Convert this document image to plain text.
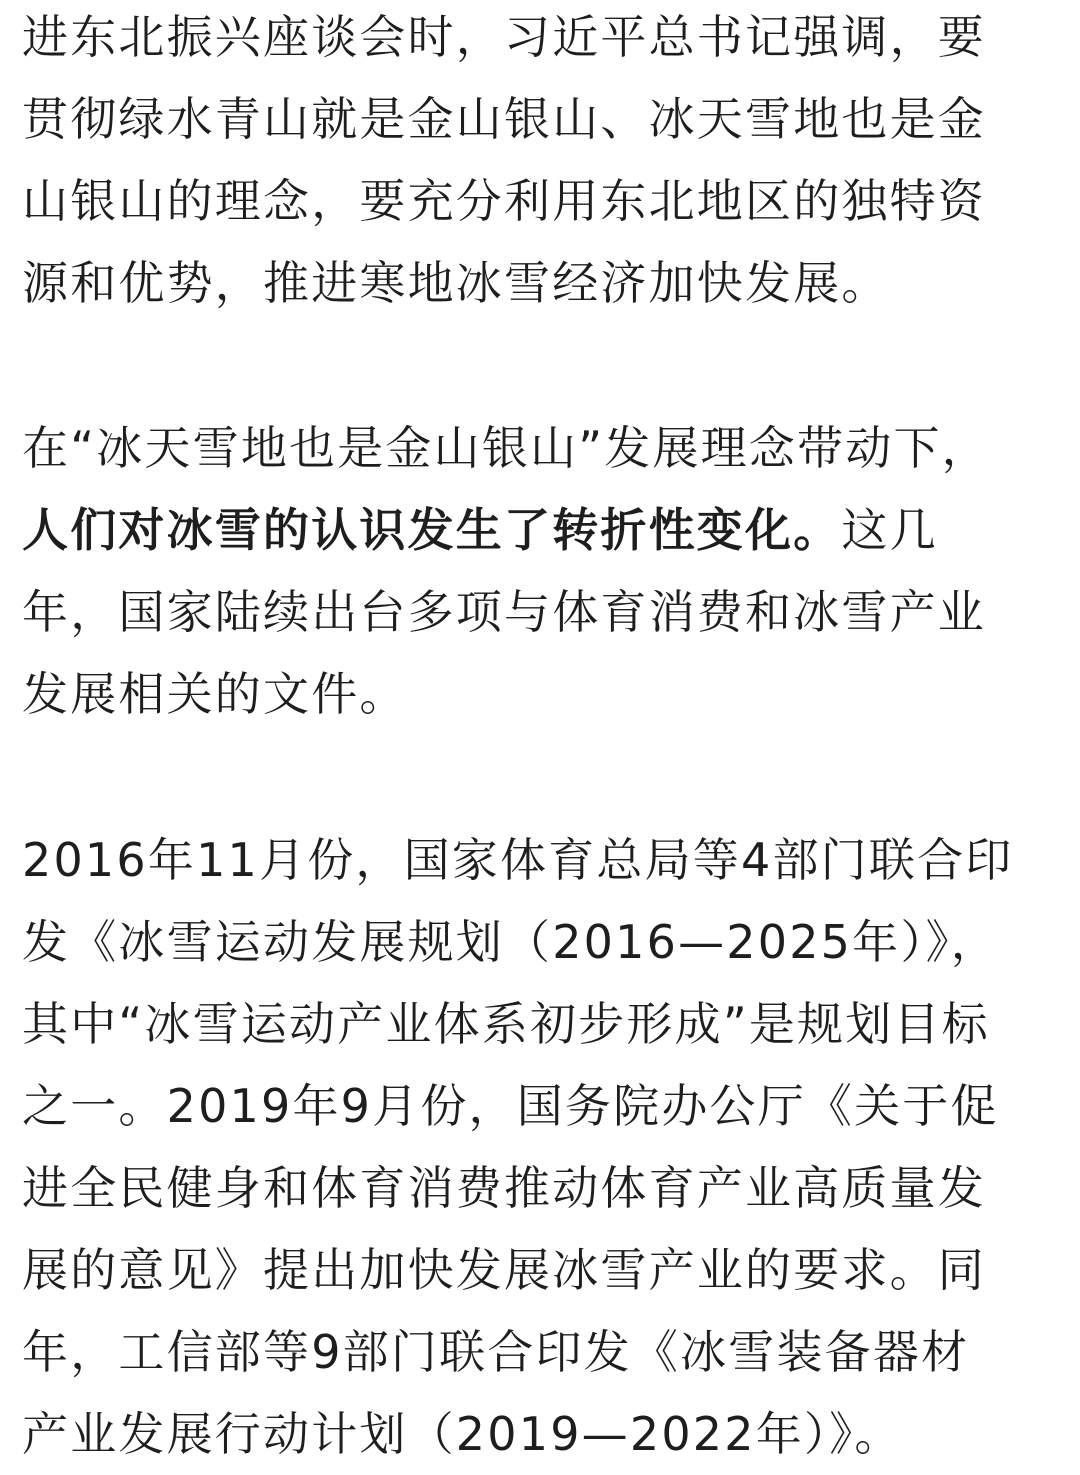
进东北振兴座谈会时，习近平总书记强调，要
贯彻绿水青山就是金山银山、冰天雪地也是金
山银山的理念，要充分利用东北地区的独特资
源和优势，推进寒地冰雪经济加快发展。
在“冰天雪地也是金山银山”发展理念带动下，
人们对冰雪的认识发生了转折性变化。这几
年，国家陆续出台多项与体育消费和冰雪产业
发展相关的文件。
2016年11月份，国家体育总局等4部门联合印
发《冰雪运动发展规划（2016—2025年）》，
其中“冰雪运动产业体系初步形成”是规划目标
之一。2019年9月份，国务院办公厅《关于促
进全民健身和体育消费推动体育产业高质量发
展的意见》提出加快发展冰雪产业的要求。同
年，工信部等9部门联合印发《冰雪装备器材
产业发展行动计划（2019—2022年）》。
